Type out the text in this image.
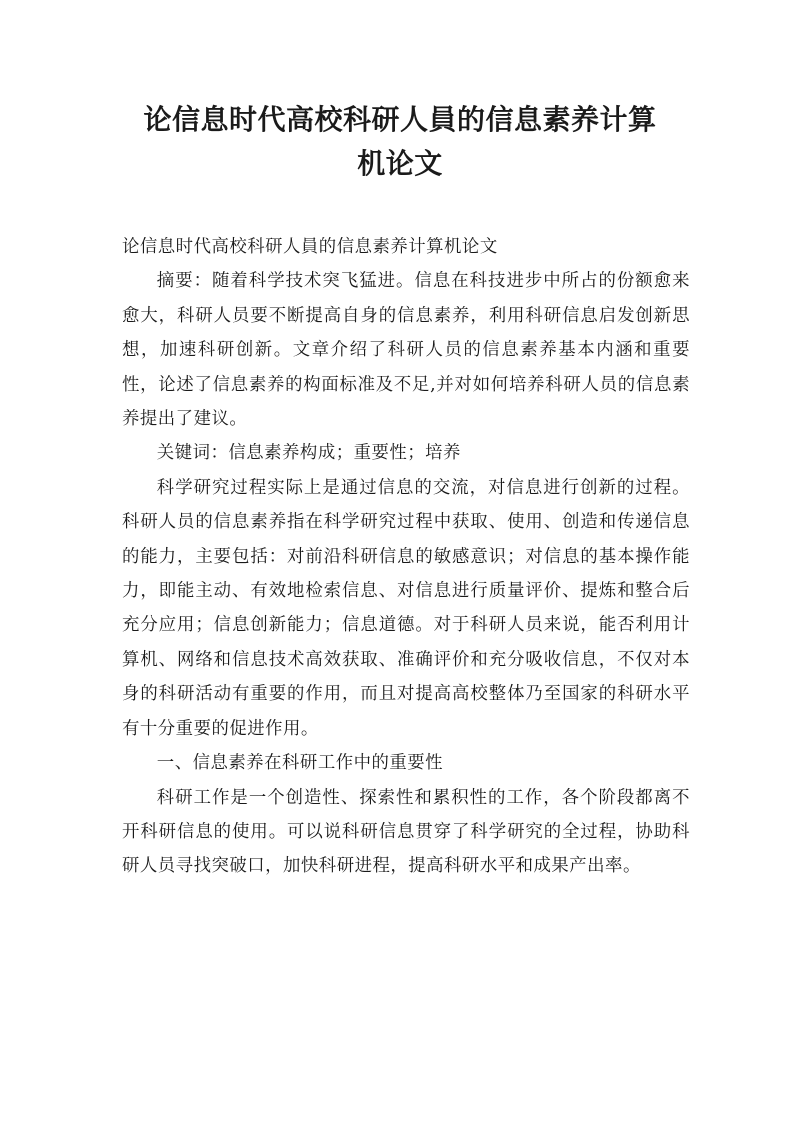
论信息时代高校科研人員的信息素养计算
机论文

论信息时代高校科研人員的信息素养计算机论文

摘要：随着科学技术突飞猛进。信息在科技进步中所占的份额愈来愈大，科研人员要不断提高自身的信息素养，利用科研信息启发创新思想，加速科研创新。文章介绍了科研人员的信息素养基本内涵和重要性，论述了信息素养的构面标准及不足,并对如何培养科研人员的信息素养提出了建议。

关键词：信息素养构成；重要性；培养

科学研究过程实际上是通过信息的交流，对信息进行创新的过程。科研人员的信息素养指在科学研究过程中获取、使用、创造和传递信息的能力，主要包括：对前沿科研信息的敏感意识；对信息的基本操作能力，即能主动、有效地检索信息、对信息进行质量评价、提炼和整合后充分应用；信息创新能力；信息道德。对于科研人员来说，能否利用计算机、网络和信息技术高效获取、准确评价和充分吸收信息，不仅对本身的科研活动有重要的作用，而且对提高高校整体乃至国家的科研水平有十分重要的促进作用。

一、信息素养在科研工作中的重要性

科研工作是一个创造性、探索性和累积性的工作，各个阶段都离不开科研信息的使用。可以说科研信息贯穿了科学研究的全过程，协助科研人员寻找突破口，加快科研进程，提高科研水平和成果产出率。
